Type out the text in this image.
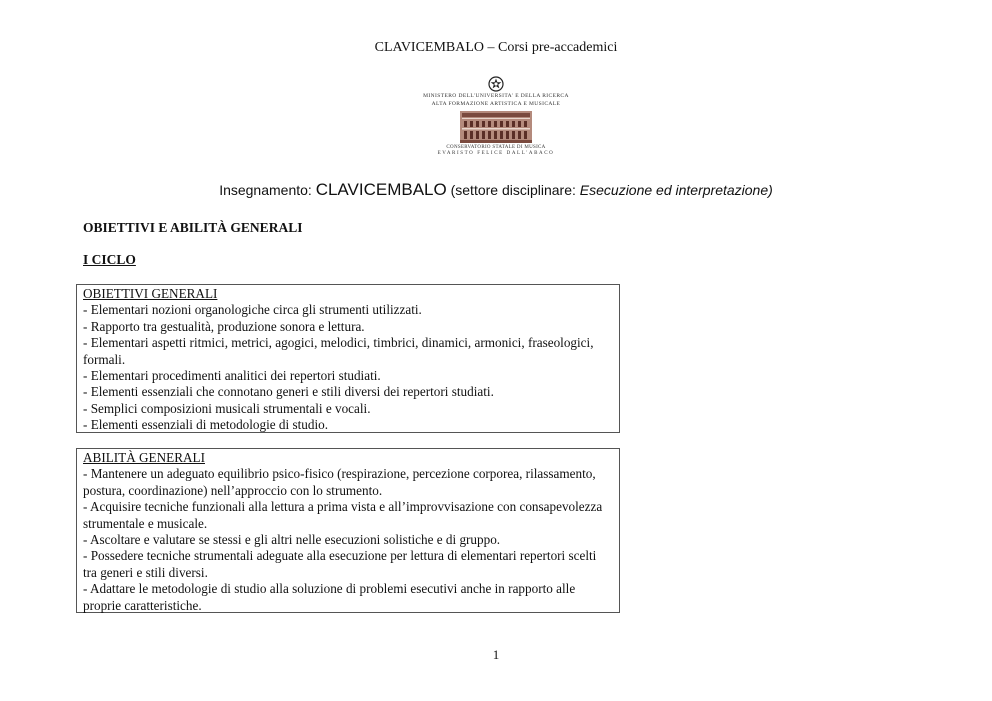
CLAVICEMBALO – Corsi pre-accademici
MINISTERO DELL'UNIVERSITA' E DELLA RICERCA
ALTA FORMAZIONE ARTISTICA E MUSICALE
CONSERVATORIO STATALE DI MUSICA
EVARISTO FELICE DALL'ABACO
Insegnamento: CLAVICEMBALO (settore disciplinare: Esecuzione ed interpretazione)
OBIETTIVI E ABILITÀ GENERALI
I CICLO
OBIETTIVI GENERALI
- Elementari nozioni organologiche circa gli strumenti utilizzati.
- Rapporto tra gestualità, produzione sonora e lettura.
- Elementari aspetti ritmici, metrici, agogici, melodici, timbrici, dinamici, armonici, fraseologici, formali.
- Elementari procedimenti analitici dei repertori studiati.
- Elementi essenziali che connotano generi e stili diversi dei repertori studiati.
- Semplici composizioni musicali strumentali e vocali.
- Elementi essenziali di metodologie di studio.
ABILITÀ GENERALI
- Mantenere un adeguato equilibrio psico-fisico (respirazione, percezione corporea, rilassamento, postura, coordinazione) nell’approccio con lo strumento.
- Acquisire tecniche funzionali alla lettura a prima vista e all’improvvisazione con consapevolezza strumentale e musicale.
- Ascoltare e valutare se stessi e gli altri nelle esecuzioni solistiche e di gruppo.
- Possedere tecniche strumentali adeguate alla esecuzione per lettura di elementari repertori scelti tra generi e stili diversi.
- Adattare le metodologie di studio alla soluzione di problemi esecutivi anche in rapporto alle proprie caratteristiche.
1
